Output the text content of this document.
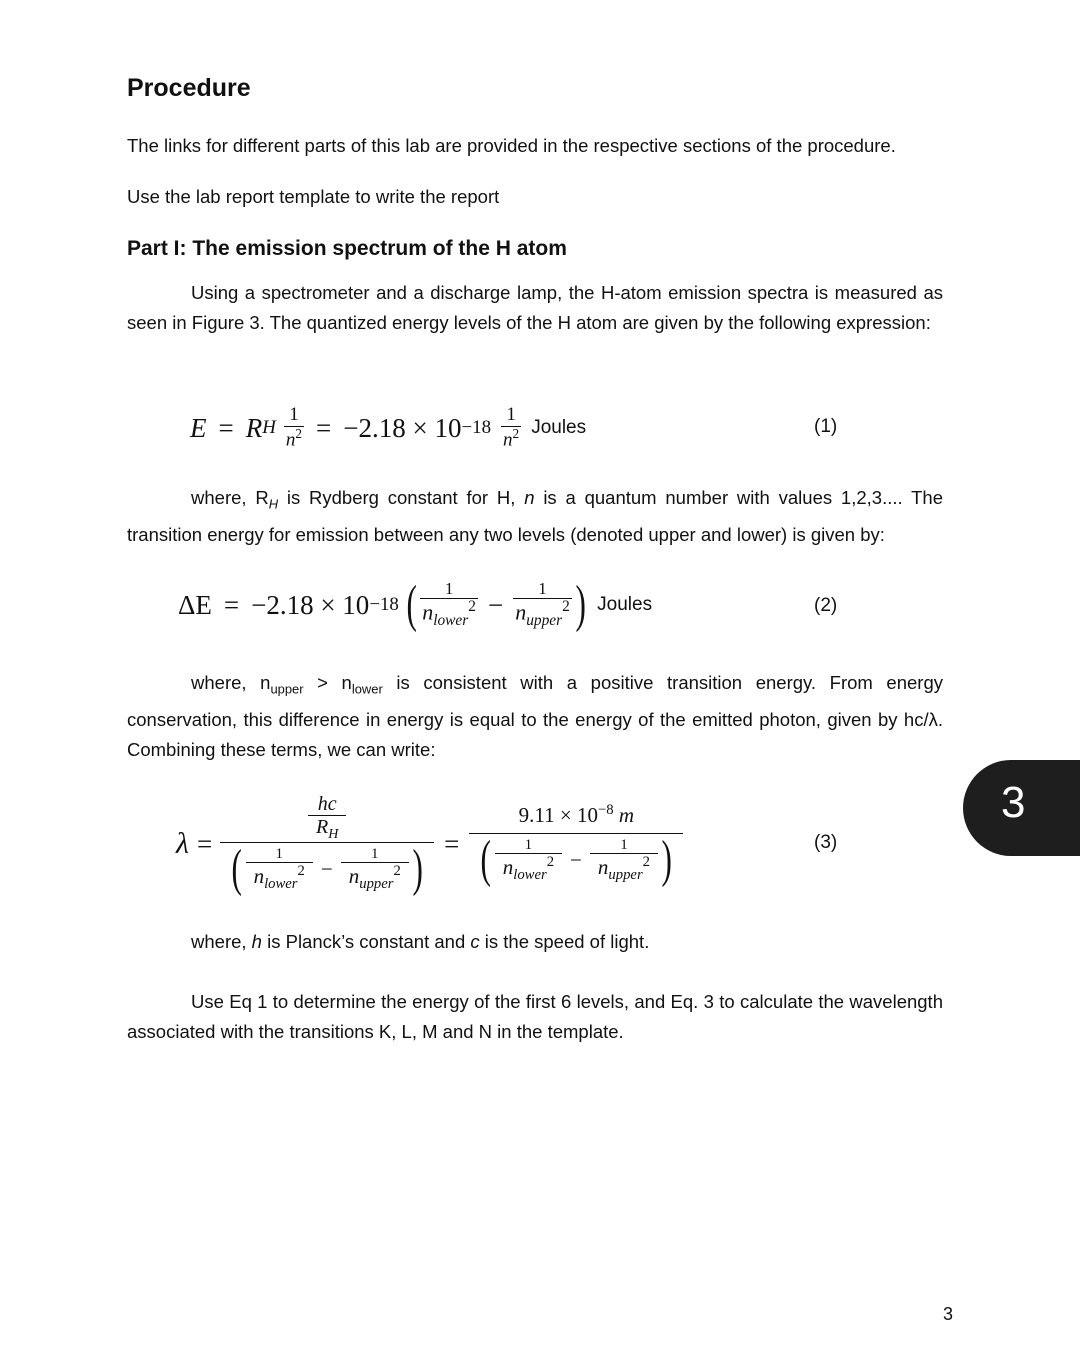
Procedure
The links for different parts of this lab are provided in the respective sections of the procedure.
Use the lab report template to write the report
Part I: The emission spectrum of the H atom
Using a spectrometer and a discharge lamp, the H-atom emission spectra is measured as seen in Figure 3. The quantized energy levels of the H atom are given by the following expression:
E = R H $\frac{1}{n^2} = -2.18 \times 10 -18 \frac{1}{n^2}$ Joules	(1)
where, $R_H$ is Rydberg constant for H, n is a quantum number with values 1,2,3.... The transition energy for emission between any two levels (denoted upper and lower) is given by:
ΔE = −2.18 × 10 −18 ( $\frac{1}{n_{lower}^2} - \frac{1}{n_{upper}^2}$ ) Joules	(2)
where, $n_{upper} > n_{lower}$ is consistent with a positive transition energy. From energy conservation, this difference in energy is equal to the energy of the emitted photon, given by hc/λ. Combining these terms, we can write:
λ =
$\frac{hc}{R_H}$
( $\frac{1}{n_{lower}^2} - \frac{1}{n_{upper}^2}$ ) =
$9.11 \times 10^{-8}$ m
( $\frac{1}{n_{lower}^2} - \frac{1}{n_{upper}^2}$ )	(3)
where, h is Planck’s constant and c is the speed of light.
Use Eq 1 to determine the energy of the first 6 levels, and Eq. 3 to calculate the wavelength associated with the transitions K, L, M and N in the template.
3
3
